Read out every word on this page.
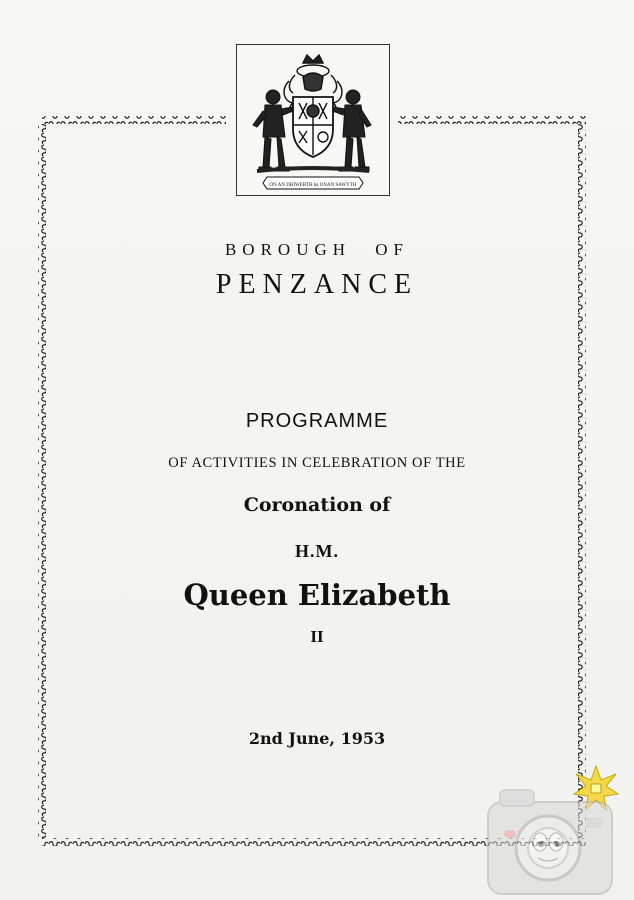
ON AN DHIWERTH ha ONAN SAWYTH
BOROUGH OF
PENZANCE
PROGRAMME
OF ACTIVITIES IN CELEBRATION OF THE
Coronation of
H.M.
Queen Elizabeth
II
2nd June, 1953
